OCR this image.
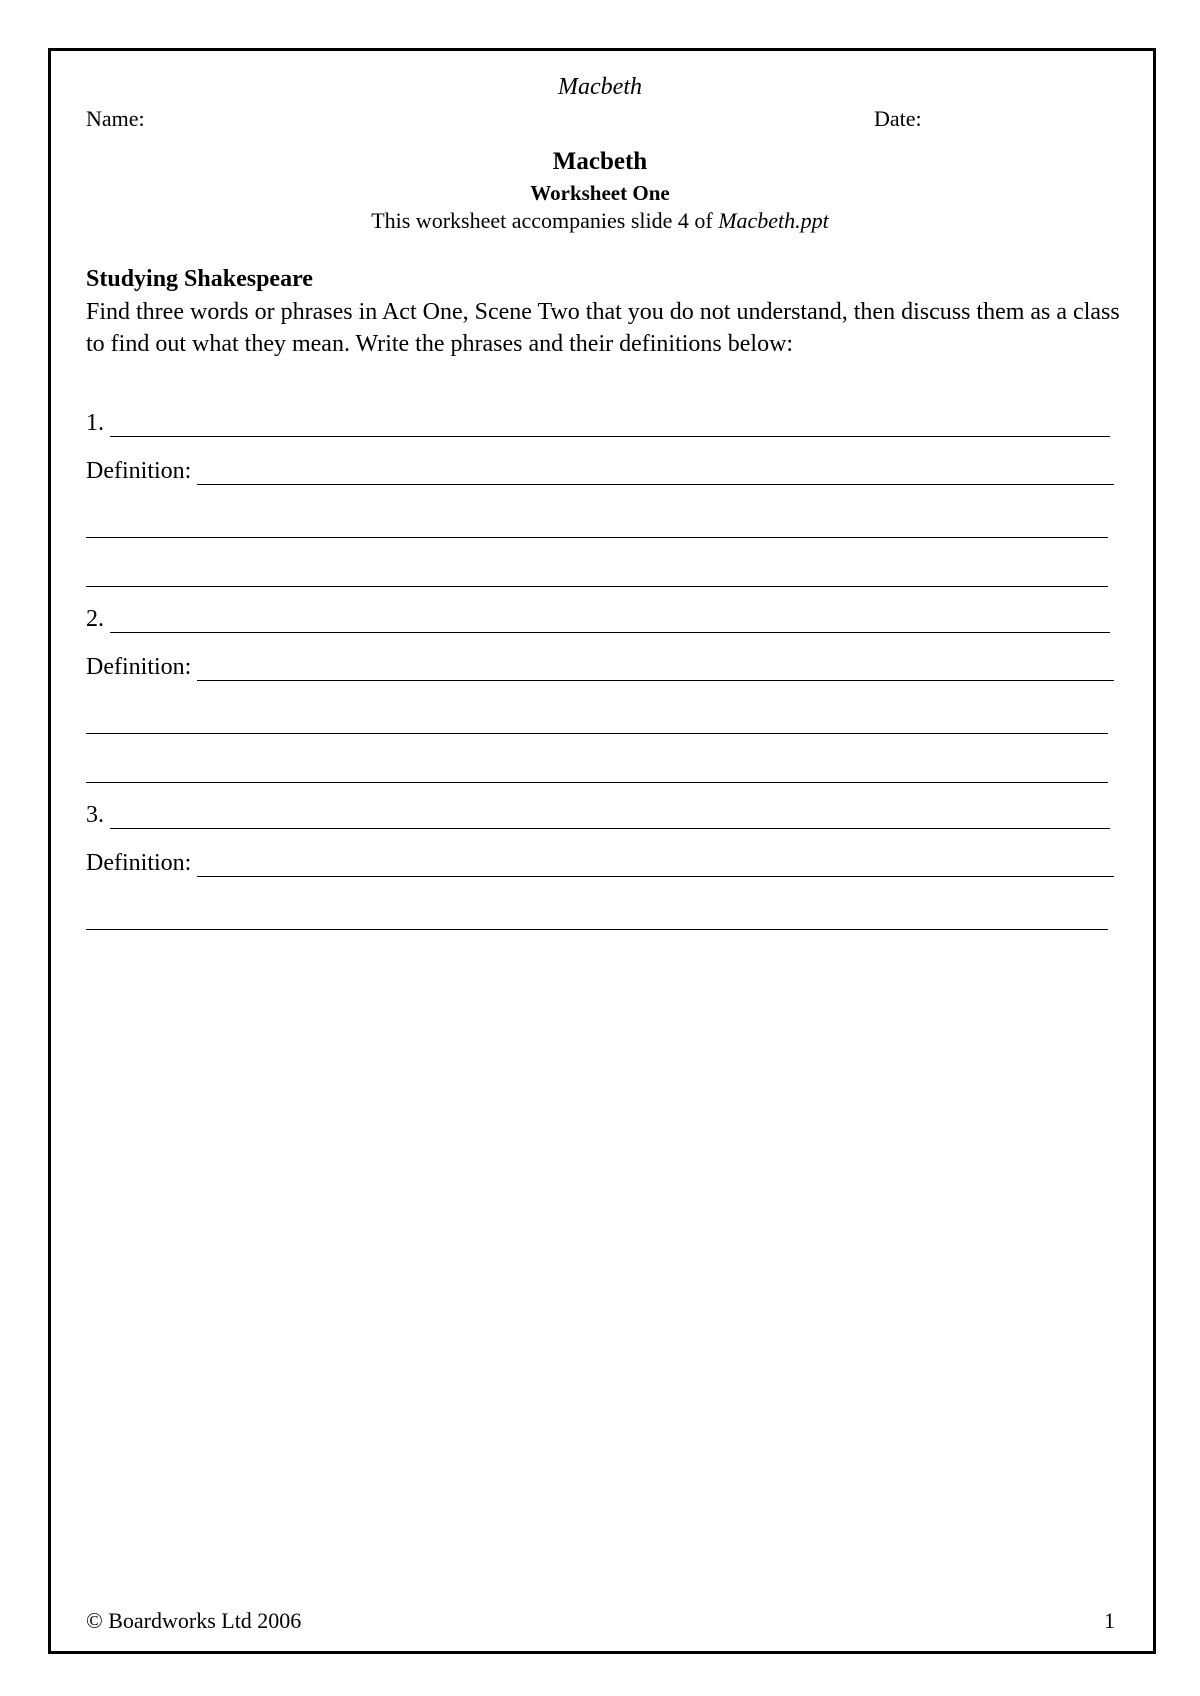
Macbeth
Name:	Date:
Macbeth
Worksheet One
This worksheet accompanies slide 4 of Macbeth.ppt
Studying Shakespeare
Find three words or phrases in Act One, Scene Two that you do not understand, then discuss them as a class to find out what they mean. Write the phrases and their definitions below:
1.
Definition:
2.
Definition:
3.
Definition:
© Boardworks Ltd 2006	1
